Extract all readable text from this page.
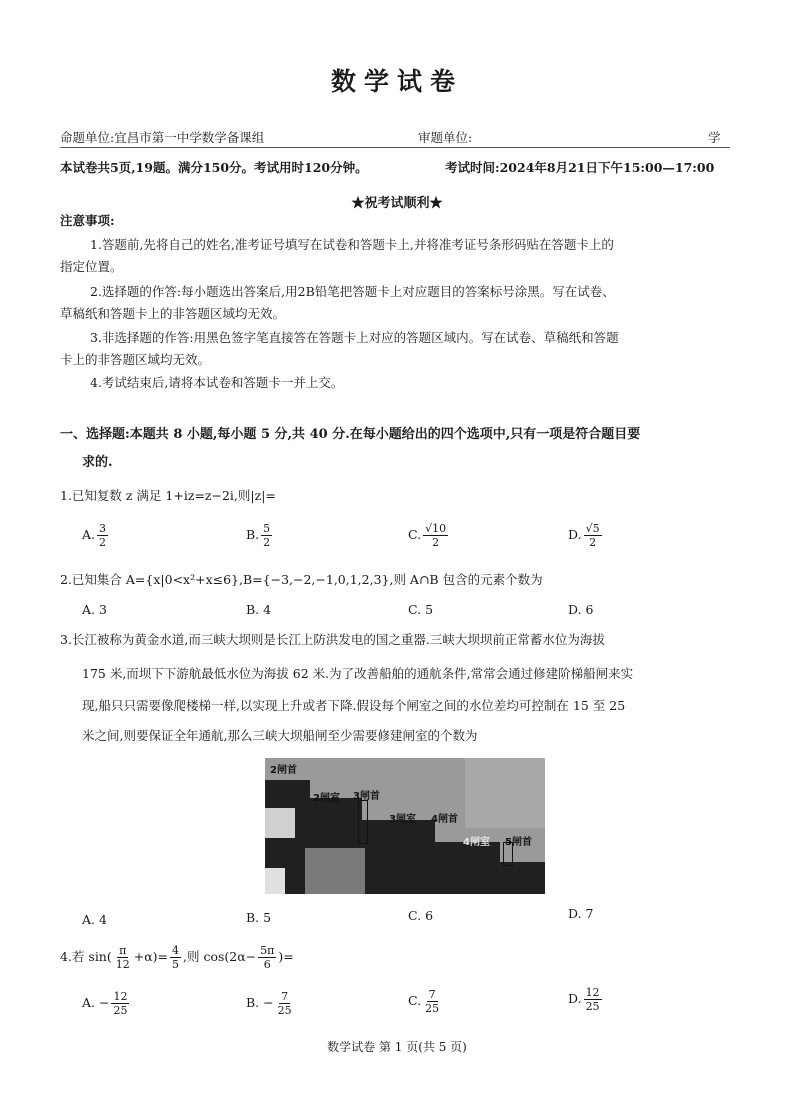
数学试卷
命题单位:宜昌市第一中学数学备课组	审题单位:	学
本试卷共5页,19题。满分150分。考试用时120分钟。	考试时间:2024年8月21日下午15:00—17:00
★祝考试顺利★
注意事项:
1.答题前,先将自己的姓名,准考证号填写在试卷和答题卡上,并将准考证号条形码贴在答题卡上的
指定位置。
2.选择题的作答:每小题选出答案后,用2B铅笔把答题卡上对应题目的答案标号涂黑。写在试卷、
草稿纸和答题卡上的非答题区域均无效。
3.非选择题的作答:用黑色签字笔直接答在答题卡上对应的答题区域内。写在试卷、草稿纸和答题
卡上的非答题区域均无效。
4.考试结束后,请将本试卷和答题卡一并上交。
一、选择题:本题共 8 小题,每小题 5 分,共 40 分.在每小题给出的四个选项中,只有一项是符合题目要
求的.
1.已知复数 z 满足 1+iz=z−2i,则|z|=
A. $\frac{3}{2}$	B. $\frac{5}{2}$	C. $\frac{√10}{2}$	D. $\frac{√5}{2}$
2.已知集合 A={x|0<x²+x≤6},B={−3,−2,−1,0,1,2,3},则 A∩B 包含的元素个数为
A. 3	B. 4	C. 5	D. 6
3.长江被称为黄金水道,而三峡大坝则是长江上防洪发电的国之重器.三峡大坝坝前正常蓄水位为海拔
175 米,而坝下下游航最低水位为海拔 62 米.为了改善船舶的通航条件,常常会通过修建阶梯船闸来实
现,船只只需要像爬楼梯一样,以实现上升或者下降.假设每个闸室之间的水位差均可控制在 15 至 25
米之间,则要保证全年通航,那么三峡大坝船闸至少需要修建闸室的个数为
2闸首
2闸室 3闸首
3闸室 4闸首
4闸室 5闸首
A. 4	B. 5	C. 6	D. 7
4.若 $\sin( \frac{\pi}{12} +\alpha)= \frac{4}{5}$ ,则 $\cos(2\alpha- \frac{5\pi}{6}$ )=
A. − $\frac{12}{25}$	B. − $\frac{7}{25}$	C. $\frac{7}{25}$	D. $\frac{12}{25}$
数学试卷 第 1 页(共 5 页)
